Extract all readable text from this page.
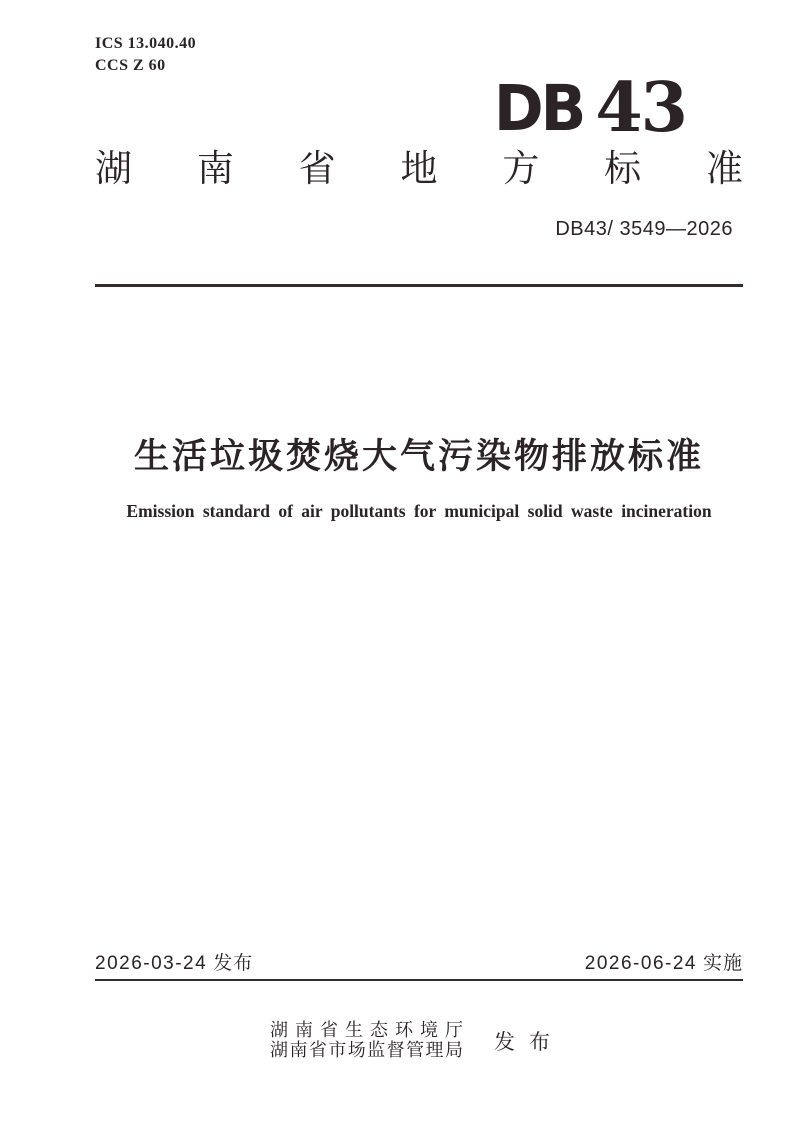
ICS 13.040.40
CCS Z 60
DB 43
湖 南 省 地 方 标 准
DB43/ 3549—2026
生活垃圾焚烧大气污染物排放标准
Emission standard of air pollutants for municipal solid waste incineration
2026-03-24 发布	2026-06-24 实施
湖南省生态环境厅
湖南省市场监督管理局 发 布
